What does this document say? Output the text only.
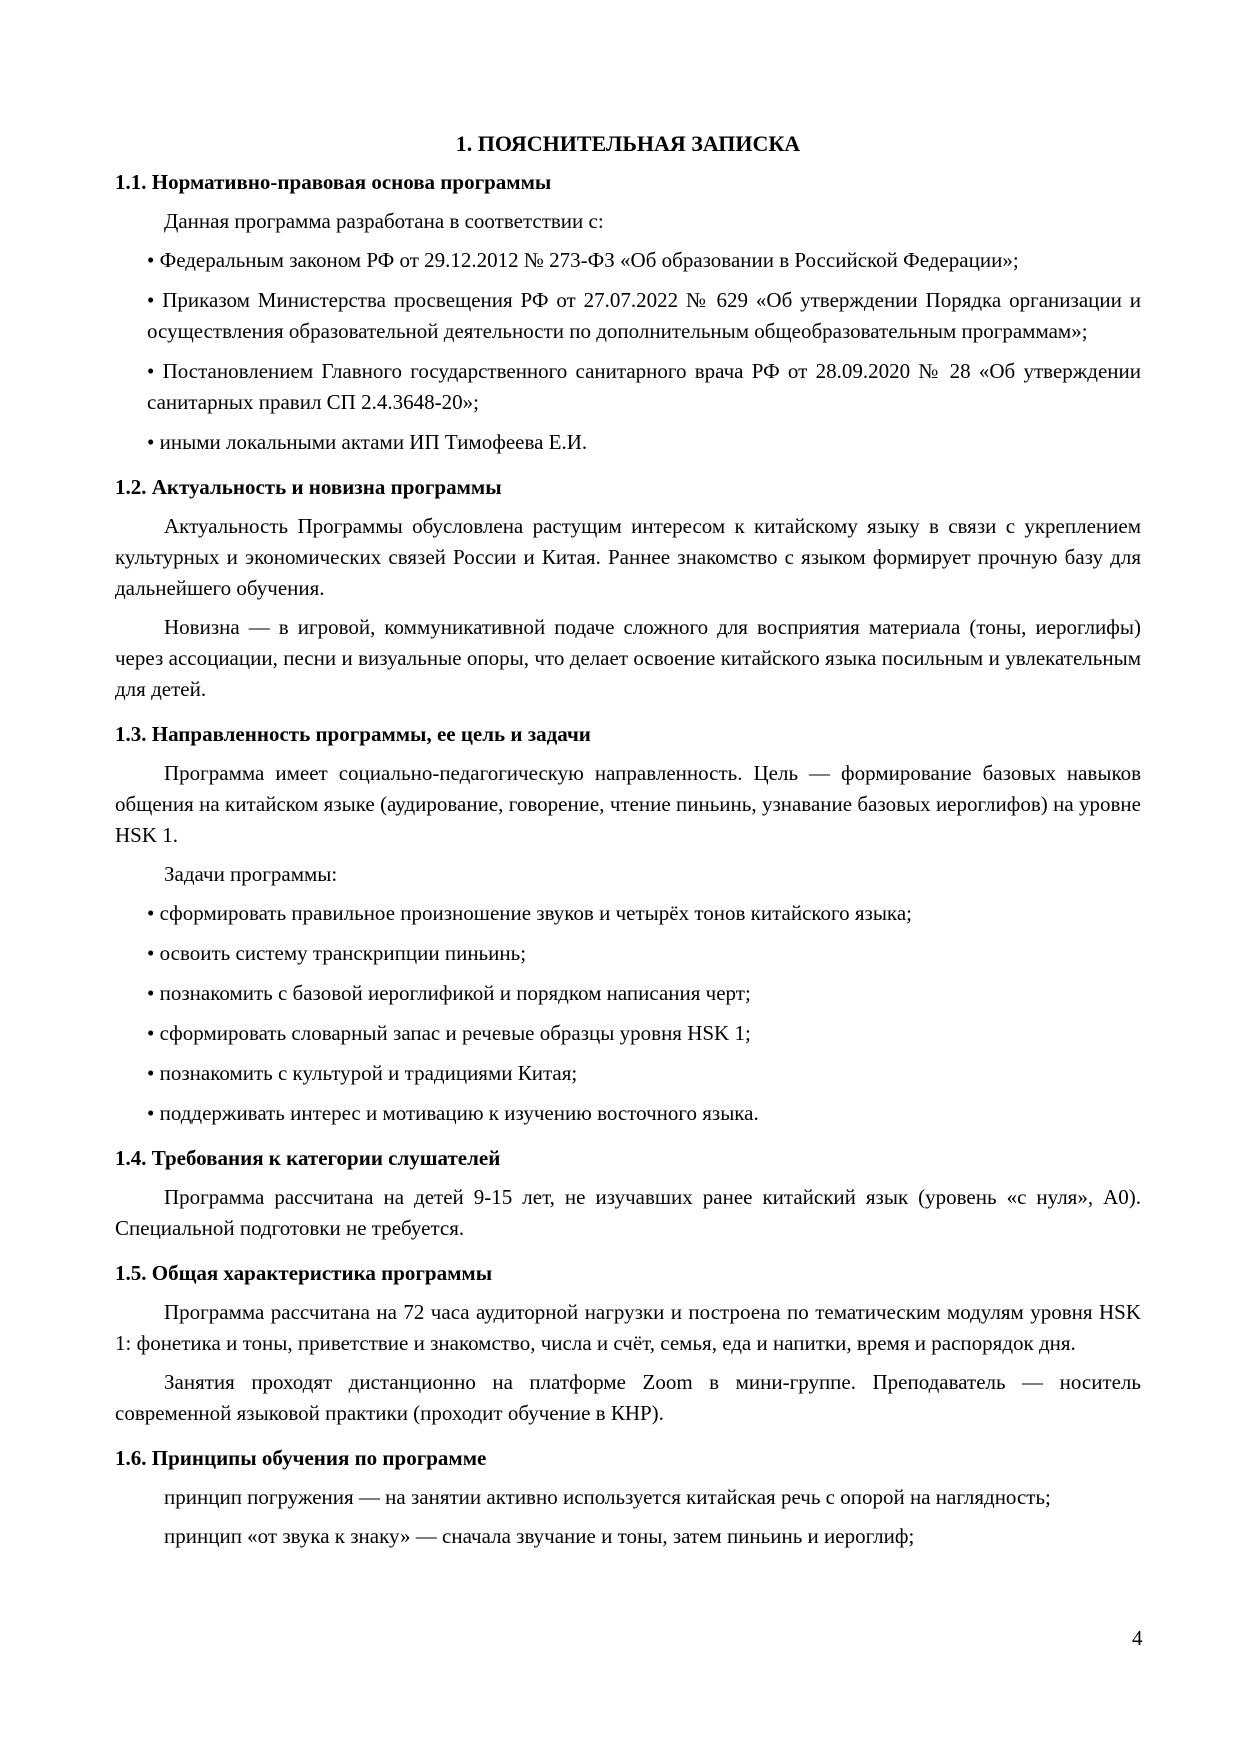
1. ПОЯСНИТЕЛЬНАЯ ЗАПИСКА
1.1. Нормативно-правовая основа программы

Данная программа разработана в соответствии с:

• Федеральным законом РФ от 29.12.2012 № 273-ФЗ «Об образовании в Российской Федерации»;
• Приказом Министерства просвещения РФ от 27.07.2022 № 629 «Об утверждении Порядка организации и осуществления образовательной деятельности по дополнительным общеобразовательным программам»;
• Постановлением Главного государственного санитарного врача РФ от 28.09.2020 № 28 «Об утверждении санитарных правил СП 2.4.3648-20»;
• иными локальными актами ИП Тимофеева Е.И.
1.2. Актуальность и новизна программы

Актуальность Программы обусловлена растущим интересом к китайскому языку в связи с укреплением культурных и экономических связей России и Китая. Раннее знакомство с языком формирует прочную базу для дальнейшего обучения.

Новизна — в игровой, коммуникативной подаче сложного для восприятия материала (тоны, иероглифы) через ассоциации, песни и визуальные опоры, что делает освоение китайского языка посильным и увлекательным для детей.

1.3. Направленность программы, ее цель и задачи

Программа имеет социально-педагогическую направленность. Цель — формирование базовых навыков общения на китайском языке (аудирование, говорение, чтение пиньинь, узнавание базовых иероглифов) на уровне HSK 1.

Задачи программы:

• сформировать правильное произношение звуков и четырёх тонов китайского языка;
• освоить систему транскрипции пиньинь;
• познакомить с базовой иероглификой и порядком написания черт;
• сформировать словарный запас и речевые образцы уровня HSK 1;
• познакомить с культурой и традициями Китая;
• поддерживать интерес и мотивацию к изучению восточного языка.
1.4. Требования к категории слушателей

Программа рассчитана на детей 9-15 лет, не изучавших ранее китайский язык (уровень «с нуля», А0). Специальной подготовки не требуется.

1.5. Общая характеристика программы

Программа рассчитана на 72 часа аудиторной нагрузки и построена по тематическим модулям уровня HSK 1: фонетика и тоны, приветствие и знакомство, числа и счёт, семья, еда и напитки, время и распорядок дня.

Занятия проходят дистанционно на платформе Zoom в мини-группе. Преподаватель — носитель современной языковой практики (проходит обучение в КНР).

1.6. Принципы обучения по программе

принцип погружения — на занятии активно используется китайская речь с опорой на наглядность;

принцип «от звука к знаку» — сначала звучание и тоны, затем пиньинь и иероглиф;

4
